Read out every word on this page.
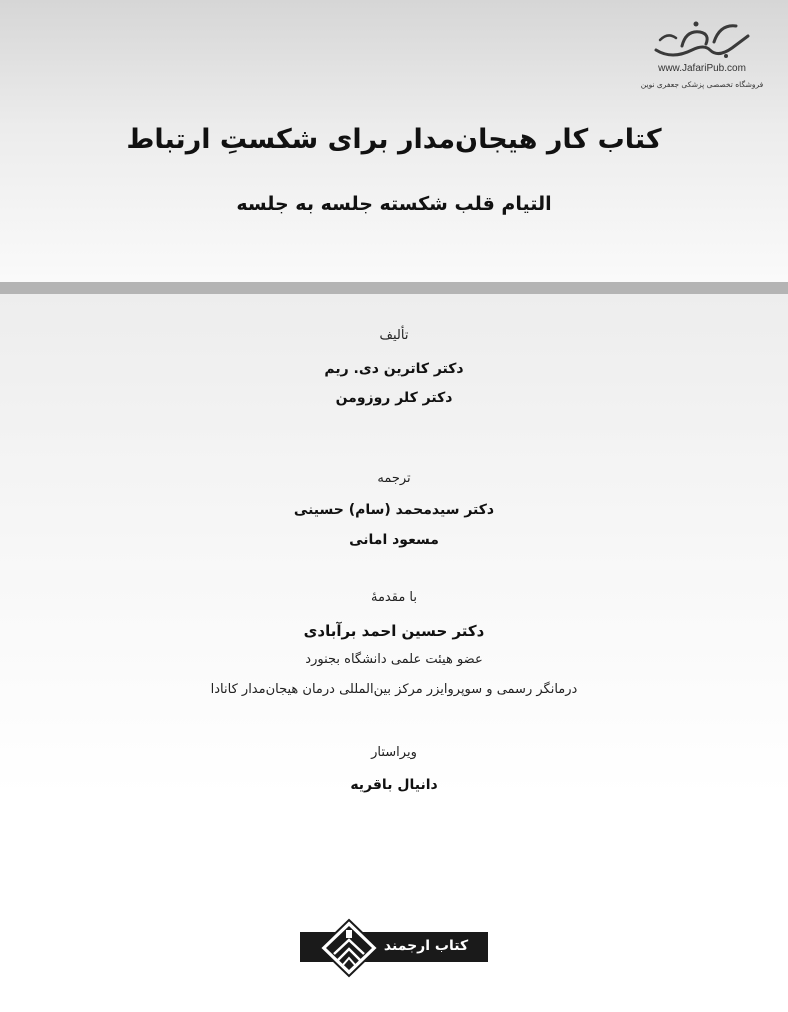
www.JafariPub.com
فروشگاه تخصصی پزشکی جعفری نوین
کتاب کار هیجان‌مدار برای شکستِ ارتباط
التیام قلب شکسته جلسه به جلسه
تألیف
دکتر کاترین دی. ریم
دکتر کلر روزومن
ترجمه
دکتر سیدمحمد (سام) حسینی
مسعود امانی
با مقدمهٔ
دکتر حسین احمد برآبادی
عضو هیئت علمی دانشگاه بجنورد
درمانگر رسمی و سوپروایزر مرکز بین‌المللی درمان هیجان‌مدار کانادا
ویراستار
دانیال باقریه
کتاب ارجمند
